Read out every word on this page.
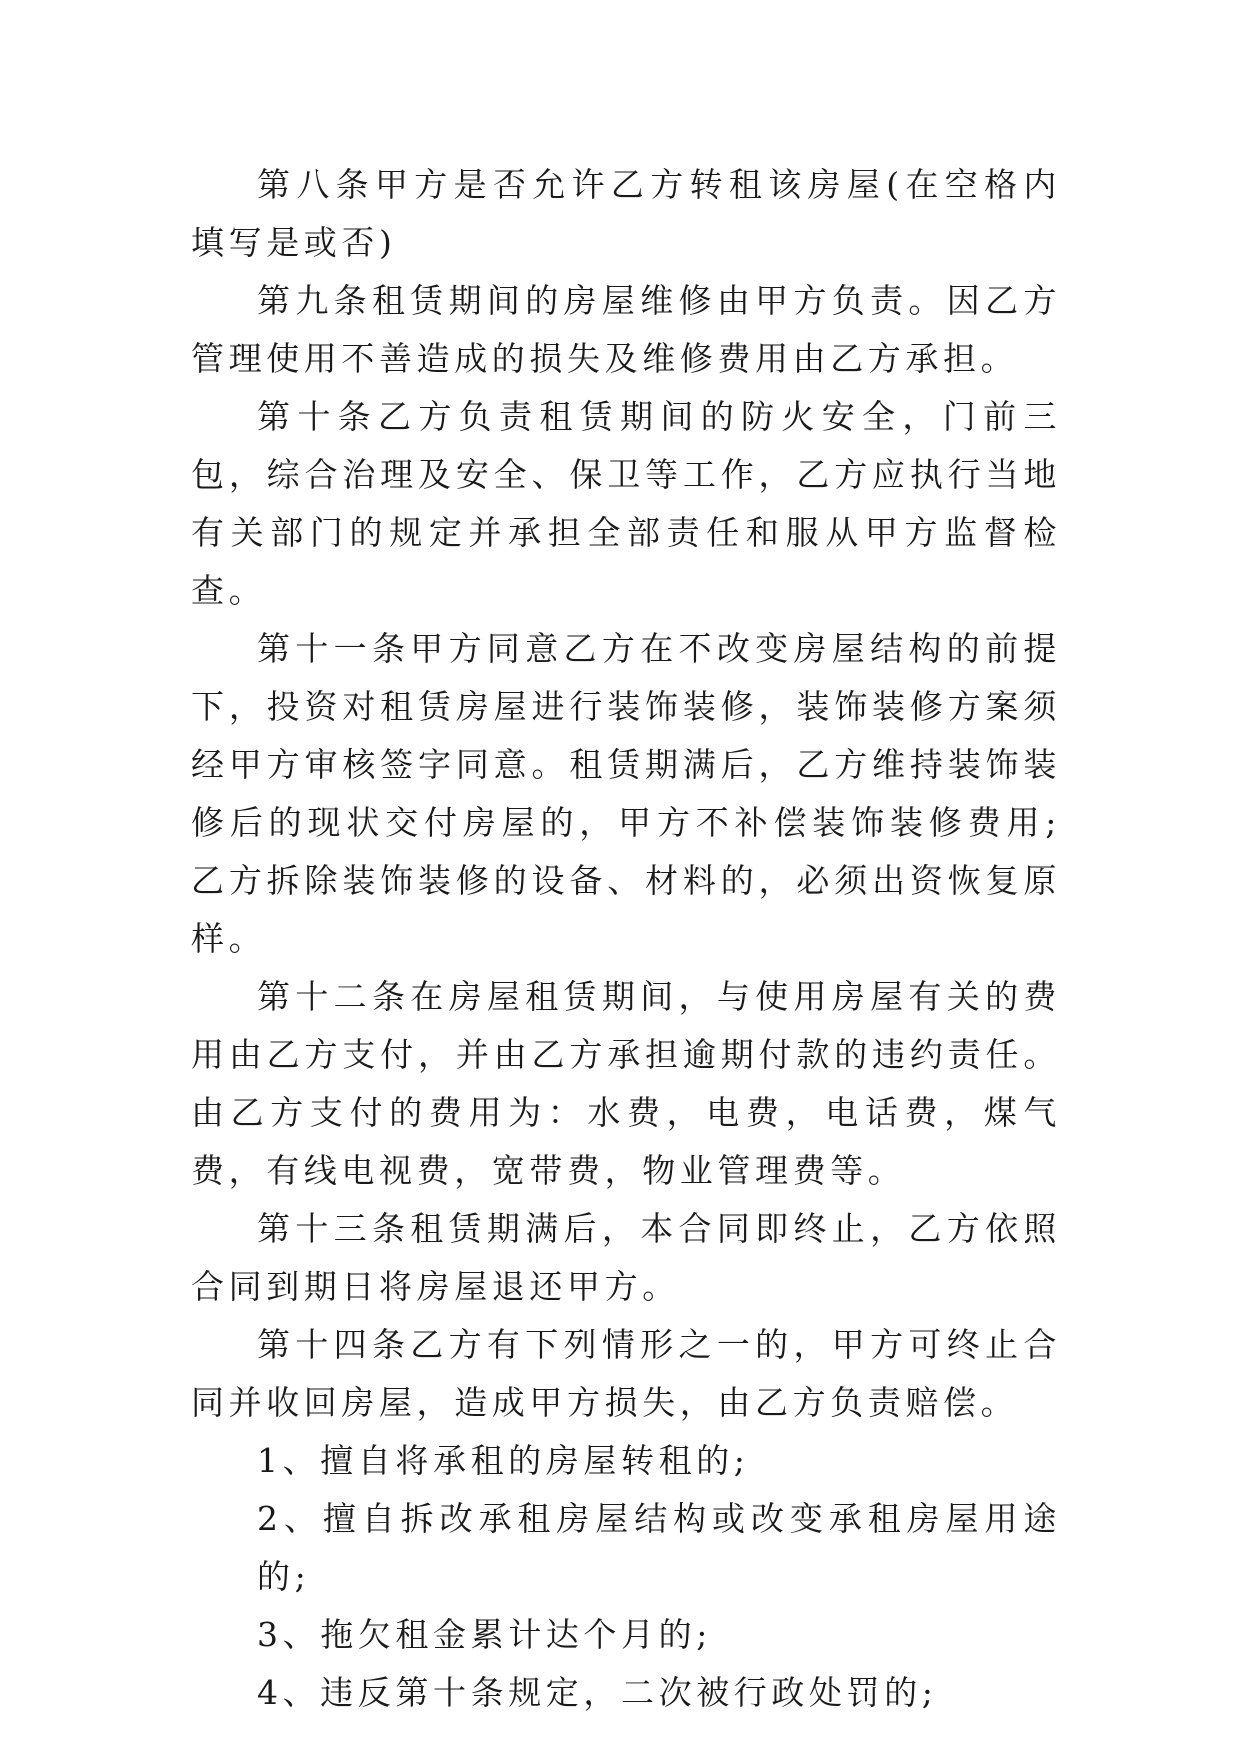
第八条甲方是否允许乙方转租该房屋(在空格内填写是或否)

第九条租赁期间的房屋维修由甲方负责。因乙方管理使用不善造成的损失及维修费用由乙方承担。

第十条乙方负责租赁期间的防火安全，门前三包，综合治理及安全、保卫等工作，乙方应执行当地有关部门的规定并承担全部责任和服从甲方监督检查。

第十一条甲方同意乙方在不改变房屋结构的前提下，投资对租赁房屋进行装饰装修，装饰装修方案须经甲方审核签字同意。租赁期满后，乙方维持装饰装修后的现状交付房屋的，甲方不补偿装饰装修费用;乙方拆除装饰装修的设备、材料的，必须出资恢复原样。

第十二条在房屋租赁期间，与使用房屋有关的费用由乙方支付，并由乙方承担逾期付款的违约责任。由乙方支付的费用为：水费，电费，电话费，煤气费，有线电视费，宽带费，物业管理费等。

第十三条租赁期满后，本合同即终止，乙方依照合同到期日将房屋退还甲方。

第十四条乙方有下列情形之一的，甲方可终止合同并收回房屋，造成甲方损失，由乙方负责赔偿。

1、擅自将承租的房屋转租的;

2、擅自拆改承租房屋结构或改变承租房屋用途的;

3、拖欠租金累计达个月的;

4、违反第十条规定，二次被行政处罚的;
